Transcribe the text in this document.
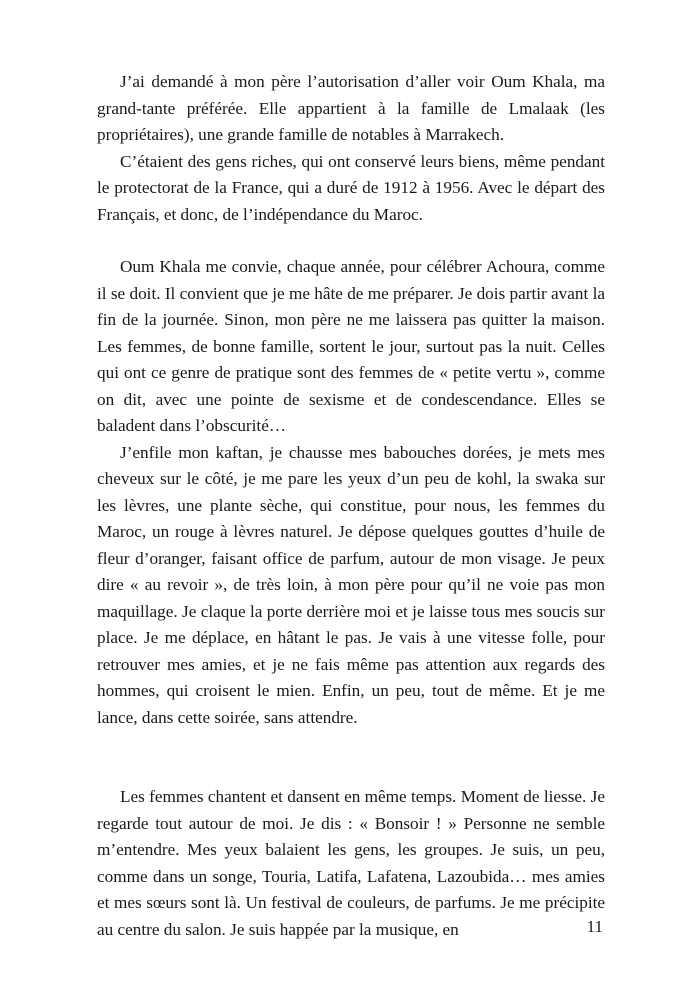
J’ai demandé à mon père l’autorisation d’aller voir Oum Khala, ma grand-tante préférée. Elle appartient à la famille de Lmalaak (les propriétaires), une grande famille de notables à Marrakech.

C’étaient des gens riches, qui ont conservé leurs biens, même pendant le protectorat de la France, qui a duré de 1912 à 1956. Avec le départ des Français, et donc, de l’indépendance du Maroc.

Oum Khala me convie, chaque année, pour célébrer Achoura, comme il se doit. Il convient que je me hâte de me préparer. Je dois partir avant la fin de la journée. Sinon, mon père ne me laissera pas quitter la maison. Les femmes, de bonne famille, sortent le jour, surtout pas la nuit. Celles qui ont ce genre de pratique sont des femmes de « petite vertu », comme on dit, avec une pointe de sexisme et de condescendance. Elles se baladent dans l’obscurité…

J’enfile mon kaftan, je chausse mes babouches dorées, je mets mes cheveux sur le côté, je me pare les yeux d’un peu de kohl, la swaka sur les lèvres, une plante sèche, qui constitue, pour nous, les femmes du Maroc, un rouge à lèvres naturel. Je dépose quelques gouttes d’huile de fleur d’oranger, faisant office de parfum, autour de mon visage. Je peux dire « au revoir », de très loin, à mon père pour qu’il ne voie pas mon maquillage. Je claque la porte derrière moi et je laisse tous mes soucis sur place. Je me déplace, en hâtant le pas. Je vais à une vitesse folle, pour retrouver mes amies, et je ne fais même pas attention aux regards des hommes, qui croisent le mien. Enfin, un peu, tout de même. Et je me lance, dans cette soirée, sans attendre.

Les femmes chantent et dansent en même temps. Moment de liesse. Je regarde tout autour de moi. Je dis : « Bonsoir ! » Personne ne semble m’entendre. Mes yeux balaient les gens, les groupes. Je suis, un peu, comme dans un songe, Touria, Latifa, Lafatena, Lazoubida… mes amies et mes sœurs sont là. Un festival de couleurs, de parfums. Je me précipite au centre du salon. Je suis happée par la musique, en	11
